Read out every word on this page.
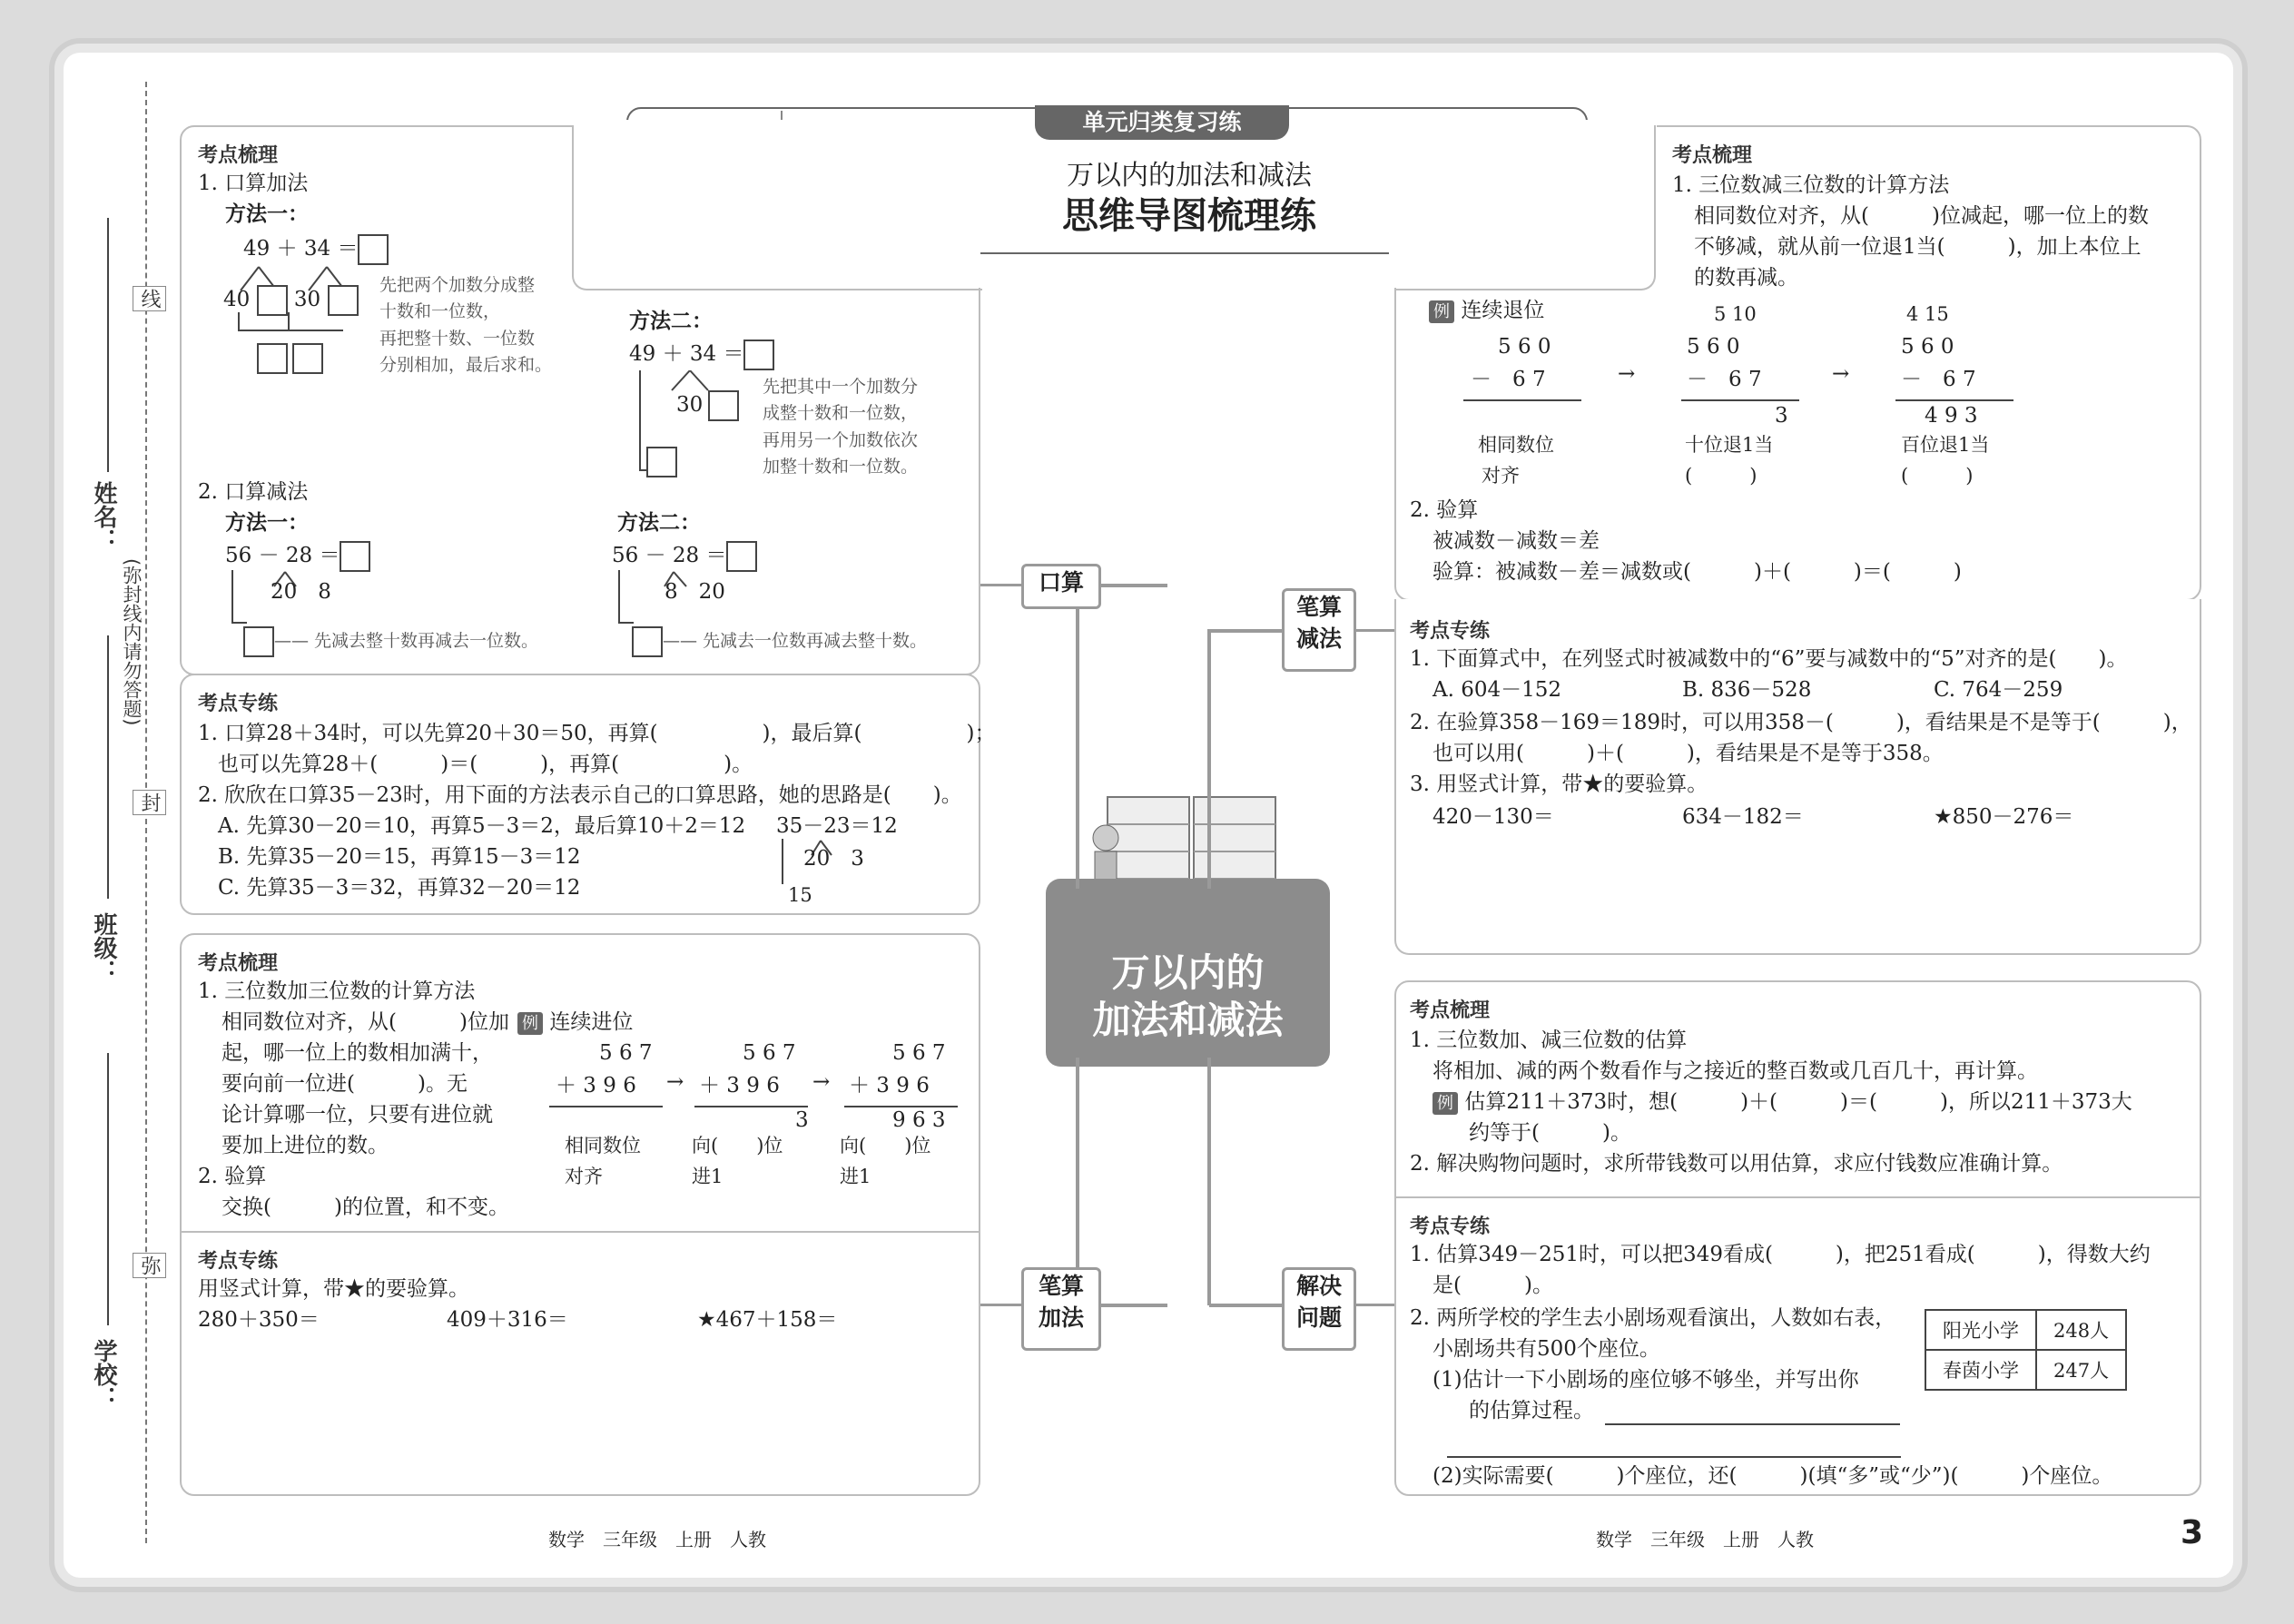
线
姓名：
(弥封线内请勿答题)
封
班级：
弥
学校：
单元归类复习练
万以内的加法和减法
思维导图梳理练
万以内的
加法和减法
口算
笔算
减法
笔算
加法
解决
问题
考点梳理
1. 口算加法
方法一：
49 ＋ 34 ＝
40 30

先把两个加数分成整
十数和一位数，
再把整十数、一位数
分别相加，最后求和。
方法二：
49 ＋ 34 ＝
30
先把其中一个加数分
成整十数和一位数，
再用另一个加数依次
加整十数和一位数。
2. 口算减法
方法一：
56 － 28 ＝
20　 8
—— 先减去整十数再减去一位数。
方法二：
56 － 28 ＝
8　 20
—— 先减去一位数再减去整十数。
考点专练
1. 口算28＋34时，可以先算20＋30＝50，再算(　　　　　)，最后算(　　　　　)；
也可以先算28＋(　　　)＝(　　　)，再算(　　　　　)。
2. 欣欣在口算35－23时，用下面的方法表示自己的口算思路，她的思路是(　　)。
A. 先算30－20＝10，再算5－3＝2，最后算10＋2＝12
B. 先算35－20＝15，再算15－3＝12
C. 先算35－3＝32，再算32－20＝12
35－23＝12
20　 3
15
考点梳理
1. 三位数加三位数的计算方法
相同数位对齐，从(　　　)位加
起，哪一位上的数相加满十，
要向前一位进(　　　)。无
论计算哪一位，只要有进位就
要加上进位的数。
2. 验算
交换(　　　)的位置，和不变。
例 连续进位
5 6 7
＋ 3 9 6 →
5 6 7
＋ 3 9 6
3
→
5 6 7
＋ 3 9 6
9 6 3
相同数位
对齐
向(　　)位
进1
向(　　)位
进1
考点专练
用竖式计算，带★的要验算。
280＋350＝	409＋316＝	★467＋158＝
考点梳理
1. 三位数减三位数的计算方法
相同数位对齐，从(　　　)位减起，哪一位上的数
不够减，就从前一位退1当(　　　)，加上本位上
的数再减。
例 连续退位
5 6 0
－　6 7	→
5 10
5 6 0
－　6 7
3
→
4 15
5 6 0
－　6 7
4 9 3
相同数位
对齐
十位退1当
(　　　)
百位退1当
(　　　)
2. 验算
被减数－减数＝差
验算：被减数－差＝减数或(　　　)＋(　　　)＝(　　　)
考点专练
1. 下面算式中，在列竖式时被减数中的“6”要与减数中的“5”对齐的是(　　)。
A. 604－152	B. 836－528	C. 764－259
2. 在验算358－169＝189时，可以用358－(　　　)，看结果是不是等于(　　　)，
也可以用(　　　)＋(　　　)，看结果是不是等于358。
3. 用竖式计算，带★的要验算。
420－130＝	634－182＝	★850－276＝
考点梳理
1. 三位数加、减三位数的估算
将相加、减的两个数看作与之接近的整百数或几百几十，再计算。
例 估算211＋373时，想(　　　)＋(　　　)＝(　　　)，所以211＋373大
约等于(　　　)。
2. 解决购物问题时，求所带钱数可以用估算，求应付钱数应准确计算。
考点专练
1. 估算349－251时，可以把349看成(　　　)，把251看成(　　　)，得数大约
是(　　　)。
2. 两所学校的学生去小剧场观看演出，人数如右表，
小剧场共有500个座位。
(1)估计一下小剧场的座位够不够坐，并写出你
的估算过程。
(2)实际需要(　　　)个座位，还(　　　)(填“多”或“少”)(　　　)个座位。
阳光小学	248人
春茵小学	247人
数学　三年级　上册　人教	数学　三年级　上册　人教	3
